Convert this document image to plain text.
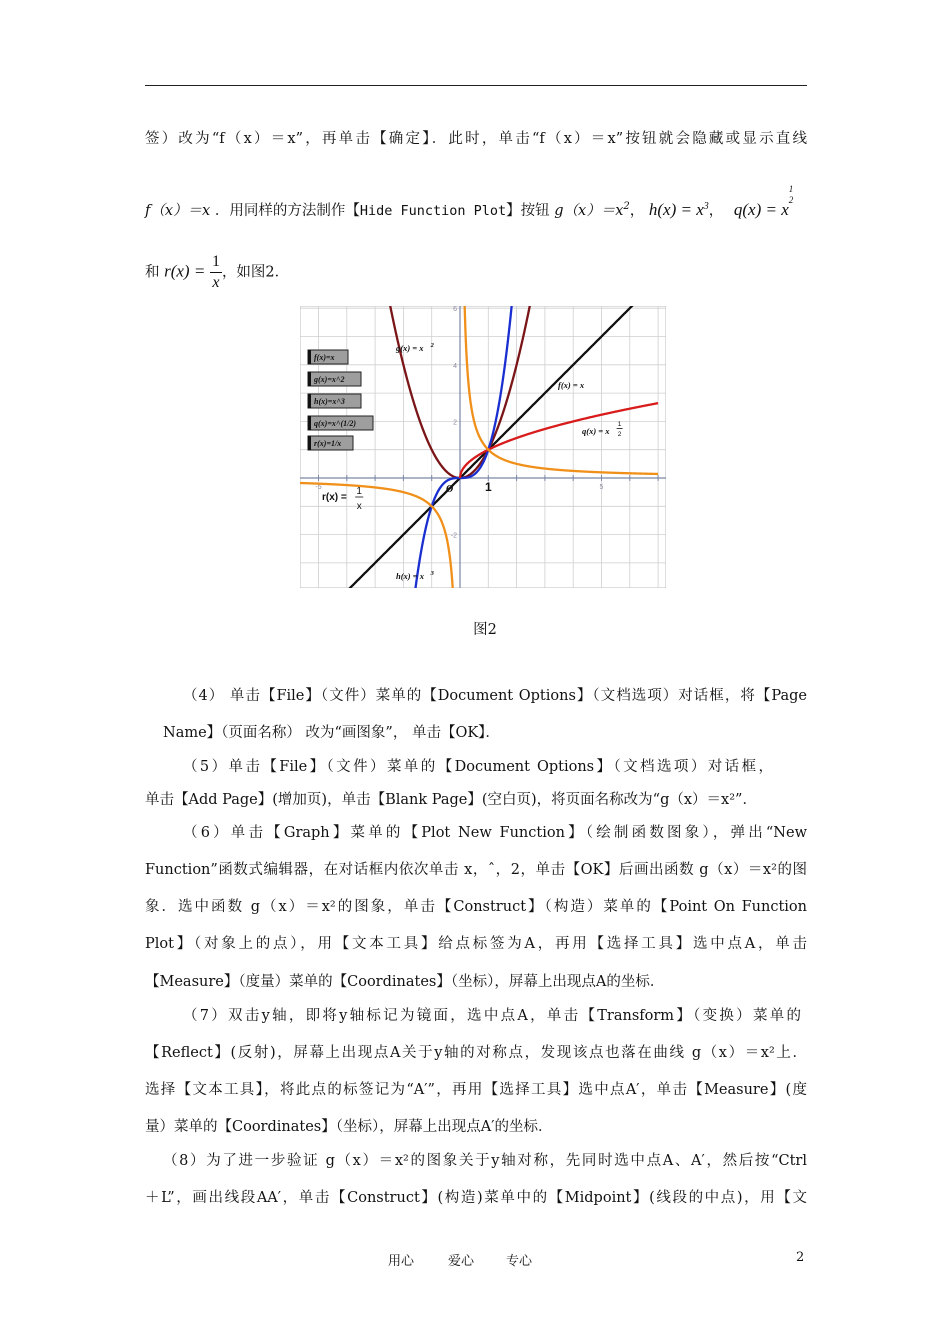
签）改为“f（x）＝x”，再单击【确定】．此时，单击“f（x）＝x”按钮就会隐藏或显示直线
f（x）＝x ．用同样的方法制作【Hide Function Plot】按钮 $g(x)=x^2$， $h(x) = x^3$， q(x) = x
1
2
和 $r(x) = \frac{1}{x}$ ，如图2．
-5	1	5
6
4
2
-2
O
f(x) = x
g(x) = x 2
h(x) = x 3
q(x) = x
1
2
r(x) =
1
x
f(x)=x
g(x)=x^2
h(x)=x^3
q(x)=x^(1/2)
r(x)=1/x
图2
（4） 单击【File】（文件）菜单的【Document Options】（文档选项）对话框，将【Page
Name】（页面名称） 改为“画图象”， 单击【OK】．
（5）单击【File】（文件）菜单的【Document Options】（文档选项）对话框，
单击【Add Page】(增加页)，单击【Blank Page】(空白页)，将页面名称改为“g（x）＝x²”．
（6）单击【Graph】菜单的【Plot New Function】（绘制函数图象），弹出“New
Function”函数式编辑器，在对话框内依次单击 x，ˆ，2，单击【OK】后画出函数 g（x）＝x²的图
象．选中函数 g（x）＝x²的图象，单击【Construct】（构造）菜单的【Point On Function
Plot】（对象上的点），用【文本工具】给点标签为A，再用【选择工具】选中点A，单击
【Measure】（度量）菜单的【Coordinates】（坐标），屏幕上出现点A的坐标．
（7）双击y轴，即将y轴标记为镜面，选中点A，单击【Transform】（变换）菜单的
【Reflect】(反射)，屏幕上出现点A关于y轴的对称点，发现该点也落在曲线 g（x）＝x²上．
选择【文本工具】，将此点的标签记为“A′”，再用【选择工具】选中点A′，单击【Measure】(度
量）菜单的【Coordinates】（坐标），屏幕上出现点A′的坐标．
（8）为了进一步验证 g（x）＝x²的图象关于y轴对称，先同时选中点A、A′，然后按“Ctrl
＋L”，画出线段AA′，单击【Construct】(构造)菜单中的【Midpoint】(线段的中点)，用【文
用心	爱心 专心	2
